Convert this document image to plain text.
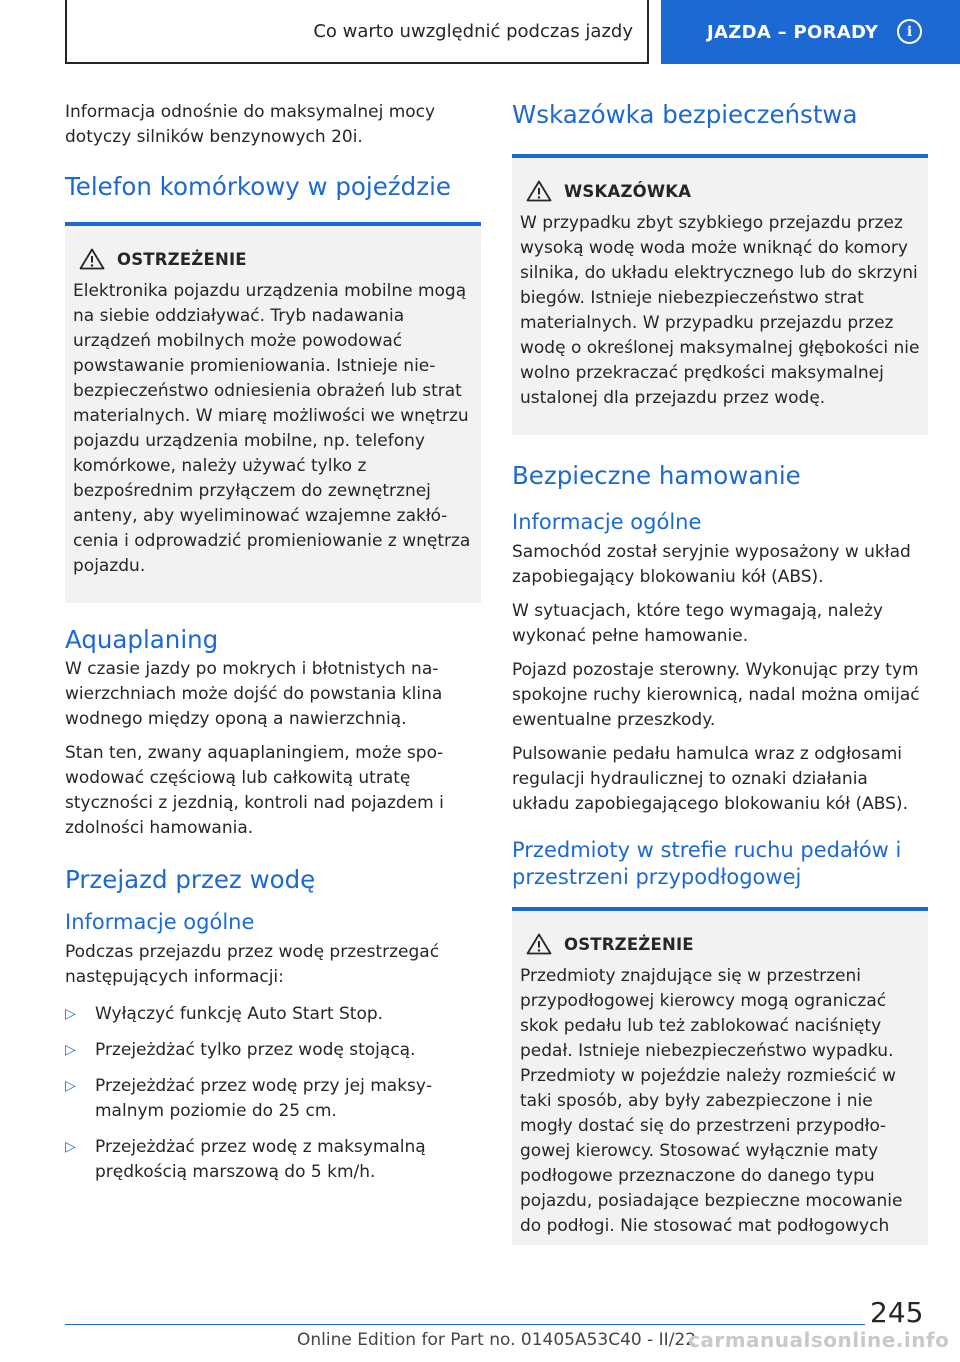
Co warto uwzględnić podczas jazdy	JAZDA – PORADY	i

Informacja odnośnie do maksymalnej mocy dotyczy silników benzynowych 20i.

Telefon komórkowy w pojeździe
OSTRZEŻENIE
Elektronika pojazdu urządzenia mobilne mogą na siebie oddziaływać. Tryb nadawania urządzeń mobilnych może powodować powstawanie promieniowania. Istnieje niebezpieczeństwo odniesienia obrażeń lub strat materialnych. W miarę możliwości we wnętrzu pojazdu urządzenia mobilne, np. telefony komórkowe, należy używać tylko z bezpośrednim przyłączem do zewnętrznej anteny, aby wyeliminować wzajemne zakłócenia i odprowadzić promieniowanie z wnętrza pojazdu.
Aquaplaning

W czasie jazdy po mokrych i błotnistych nawierzchniach może dojść do powstania klina wodnego między oponą a nawierzchnią.

Stan ten, zwany aquaplaningiem, może spowodować częściową lub całkowitą utratę styczności z jezdnią, kontroli nad pojazdem i zdolności hamowania.

Przejazd przez wodę
Informacje ogólne

Podczas przejazdu przez wodę przestrzegać następujących informacji:

▷	Wyłączyć funkcję Auto Start Stop.
▷	Przejeżdżać tylko przez wodę stojącą.
▷	Przejeżdżać przez wodę przy jej maksymalnym poziomie do 25 cm.
▷	Przejeżdżać przez wodę z maksymalną prędkością marszową do 5 km/h.
Wskazówka bezpieczeństwa
WSKAZÓWKA
W przypadku zbyt szybkiego przejazdu przez wysoką wodę woda może wniknąć do komory silnika, do układu elektrycznego lub do skrzyni biegów. Istnieje niebezpieczeństwo strat materialnych. W przypadku przejazdu przez wodę o określonej maksymalnej głębokości nie wolno przekraczać prędkości maksymalnej ustalonej dla przejazdu przez wodę.
Bezpieczne hamowanie
Informacje ogólne

Samochód został seryjnie wyposażony w układ zapobiegający blokowaniu kół (ABS).

W sytuacjach, które tego wymagają, należy wykonać pełne hamowanie.

Pojazd pozostaje sterowny. Wykonując przy tym spokojne ruchy kierownicą, nadal można omijać ewentualne przeszkody.

Pulsowanie pedału hamulca wraz z odgłosami regulacji hydraulicznej to oznaki działania układu zapobiegającego blokowaniu kół (ABS).

Przedmioty w strefie ruchu pedałów i przestrzeni przypodłogowej
OSTRZEŻENIE
Przedmioty znajdujące się w przestrzeni przypodłogowej kierowcy mogą ograniczać skok pedału lub też zablokować naciśnięty pedał. Istnieje niebezpieczeństwo wypadku. Przedmioty w pojeździe należy rozmieścić w taki sposób, aby były zabezpieczone i nie mogły dostać się do przestrzeni przypodłogowej kierowcy. Stosować wyłącznie maty podłogowe przeznaczone do danego typu pojazdu, posiadające bezpieczne mocowanie do podłogi. Nie stosować mat podłogowych
245
Online Edition for Part no. 01405A53C40 - II/22
carmanualsonline.info
